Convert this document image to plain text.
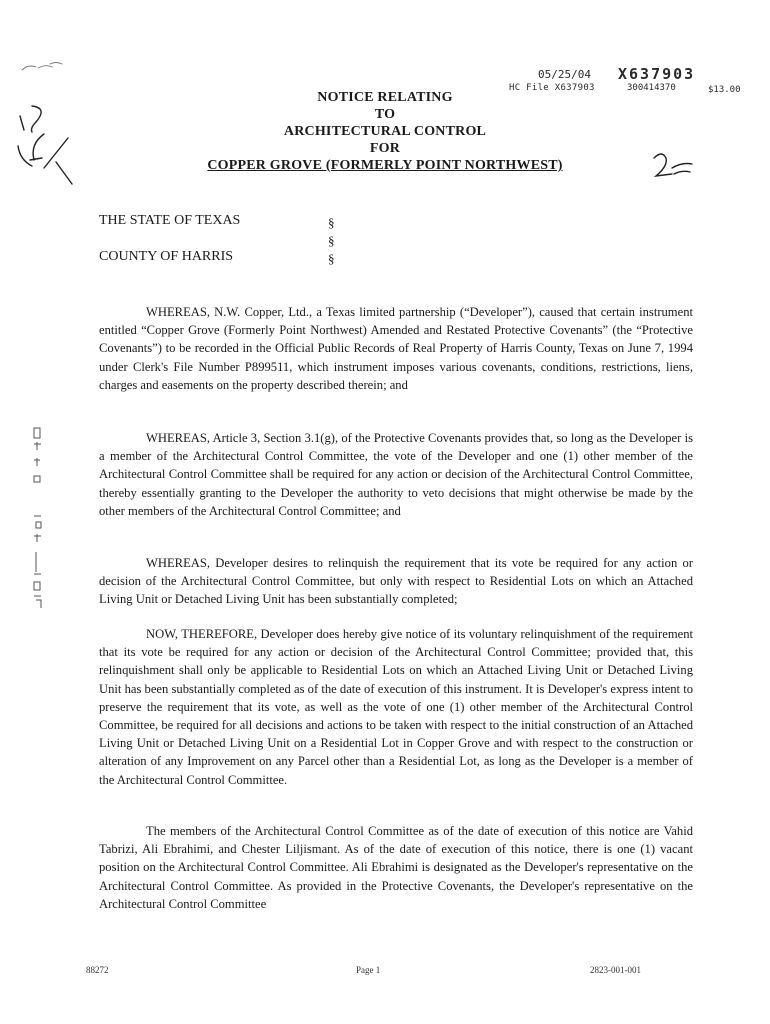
05/25/04 X637903
HC File X637903	300414370	$13.00
NOTICE RELATING
TO
ARCHITECTURAL CONTROL
FOR
COPPER GROVE (FORMERLY POINT NORTHWEST)
THE STATE OF TEXAS
COUNTY OF HARRIS
§
§
§

WHEREAS, N.W. Copper, Ltd., a Texas limited partnership (“Developer”), caused that certain instrument entitled “Copper Grove (Formerly Point Northwest) Amended and Restated Protective Covenants” (the “Protective Covenants”) to be recorded in the Official Public Records of Real Property of Harris County, Texas on June 7, 1994 under Clerk's File Number P899511, which instrument imposes various covenants, conditions, restrictions, liens, charges and easements on the property described therein; and

WHEREAS, Article 3, Section 3.1(g), of the Protective Covenants provides that, so long as the Developer is a member of the Architectural Control Committee, the vote of the Developer and one (1) other member of the Architectural Control Committee shall be required for any action or decision of the Architectural Control Committee, thereby essentially granting to the Developer the authority to veto decisions that might otherwise be made by the other members of the Architectural Control Committee; and

WHEREAS, Developer desires to relinquish the requirement that its vote be required for any action or decision of the Architectural Control Committee, but only with respect to Residential Lots on which an Attached Living Unit or Detached Living Unit has been substantially completed;

NOW, THEREFORE, Developer does hereby give notice of its voluntary relinquishment of the requirement that its vote be required for any action or decision of the Architectural Control Committee; provided that, this relinquishment shall only be applicable to Residential Lots on which an Attached Living Unit or Detached Living Unit has been substantially completed as of the date of execution of this instrument. It is Developer's express intent to preserve the requirement that its vote, as well as the vote of one (1) other member of the Architectural Control Committee, be required for all decisions and actions to be taken with respect to the initial construction of an Attached Living Unit or Detached Living Unit on a Residential Lot in Copper Grove and with respect to the construction or alteration of any Improvement on any Parcel other than a Residential Lot, as long as the Developer is a member of the Architectural Control Committee.

The members of the Architectural Control Committee as of the date of execution of this notice are Vahid Tabrizi, Ali Ebrahimi, and Chester Liljismant. As of the date of execution of this notice, there is one (1) vacant position on the Architectural Control Committee. Ali Ebrahimi is designated as the Developer's representative on the Architectural Control Committee. As provided in the Protective Covenants, the Developer's representative on the Architectural Control Committee

88272	Page 1	2823-001-001
